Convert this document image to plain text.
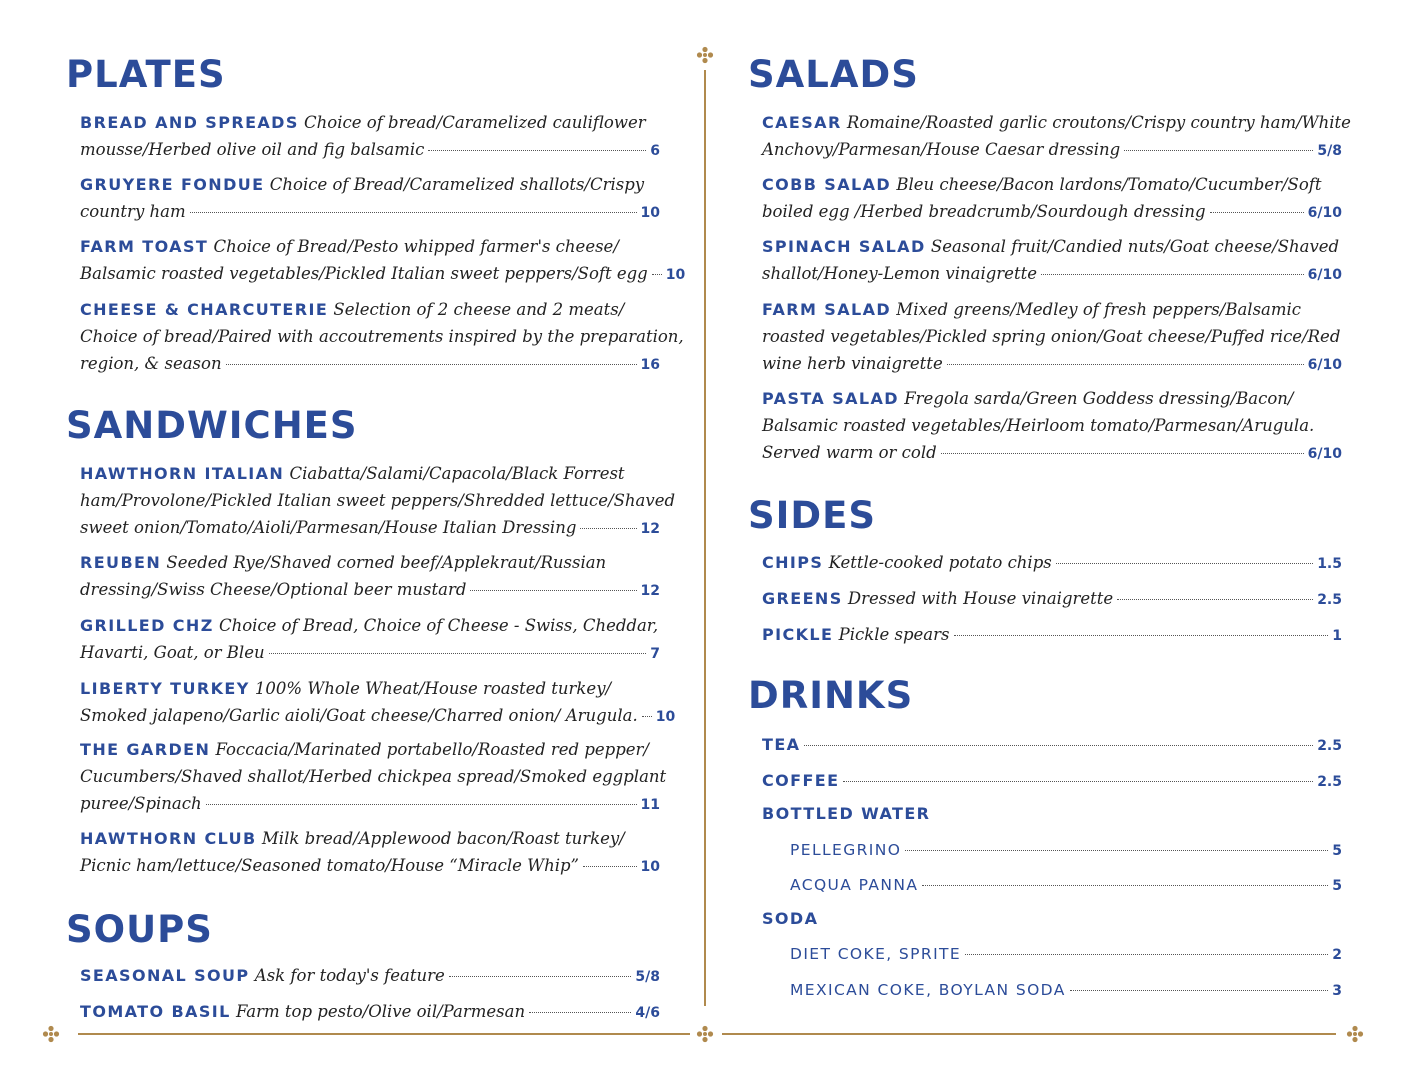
PLATES
BREAD AND SPREADS Choice of bread/Caramelized cauliflower
mousse/Herbed olive oil and fig balsamic	6
GRUYERE FONDUE Choice of Bread/Caramelized shallots/Crispy
country ham	10
FARM TOAST Choice of Bread/Pesto whipped farmer's cheese/
Balsamic roasted vegetables/Pickled Italian sweet peppers/Soft egg 10
CHEESE & CHARCUTERIE Selection of 2 cheese and 2 meats/
Choice of bread/Paired with accoutrements inspired by the preparation,
region, & season	16
SANDWICHES
HAWTHORN ITALIAN Ciabatta/Salami/Capacola/Black Forrest
ham/Provolone/Pickled Italian sweet peppers/Shredded lettuce/Shaved
sweet onion/Tomato/Aioli/Parmesan/House Italian Dressing	12
REUBEN Seeded Rye/Shaved corned beef/Applekraut/Russian
dressing/Swiss Cheese/Optional beer mustard	12
GRILLED CHZ Choice of Bread, Choice of Cheese - Swiss, Cheddar,
Havarti, Goat, or Bleu	7
LIBERTY TURKEY 100% Whole Wheat/House roasted turkey/
Smoked jalapeno/Garlic aioli/Goat cheese/Charred onion/ Arugula. 10
THE GARDEN Foccacia/Marinated portabello/Roasted red pepper/
Cucumbers/Shaved shallot/Herbed chickpea spread/Smoked eggplant
puree/Spinach	11
HAWTHORN CLUB Milk bread/Applewood bacon/Roast turkey/
Picnic ham/lettuce/Seasoned tomato/House “Miracle Whip”	10
SOUPS
SEASONAL SOUP Ask for today's feature	5/8
TOMATO BASIL Farm top pesto/Olive oil/Parmesan	4/6
SALADS
CAESAR Romaine/Roasted garlic croutons/Crispy country ham/White
Anchovy/Parmesan/House Caesar dressing	5/8
COBB SALAD Bleu cheese/Bacon lardons/Tomato/Cucumber/Soft
boiled egg /Herbed breadcrumb/Sourdough dressing	6/10
SPINACH SALAD Seasonal fruit/Candied nuts/Goat cheese/Shaved
shallot/Honey-Lemon vinaigrette	6/10
FARM SALAD Mixed greens/Medley of fresh peppers/Balsamic
roasted vegetables/Pickled spring onion/Goat cheese/Puffed rice/Red
wine herb vinaigrette	6/10
PASTA SALAD Fregola sarda/Green Goddess dressing/Bacon/
Balsamic roasted vegetables/Heirloom tomato/Parmesan/Arugula.
Served warm or cold	6/10
SIDES
CHIPS Kettle-cooked potato chips	1.5
GREENS Dressed with House vinaigrette	2.5
PICKLE Pickle spears	1
DRINKS
TEA	2.5
COFFEE	2.5
BOTTLED WATER
PELLEGRINO	5
ACQUA PANNA	5
SODA
DIET COKE, SPRITE	2
MEXICAN COKE, BOYLAN SODA	3
